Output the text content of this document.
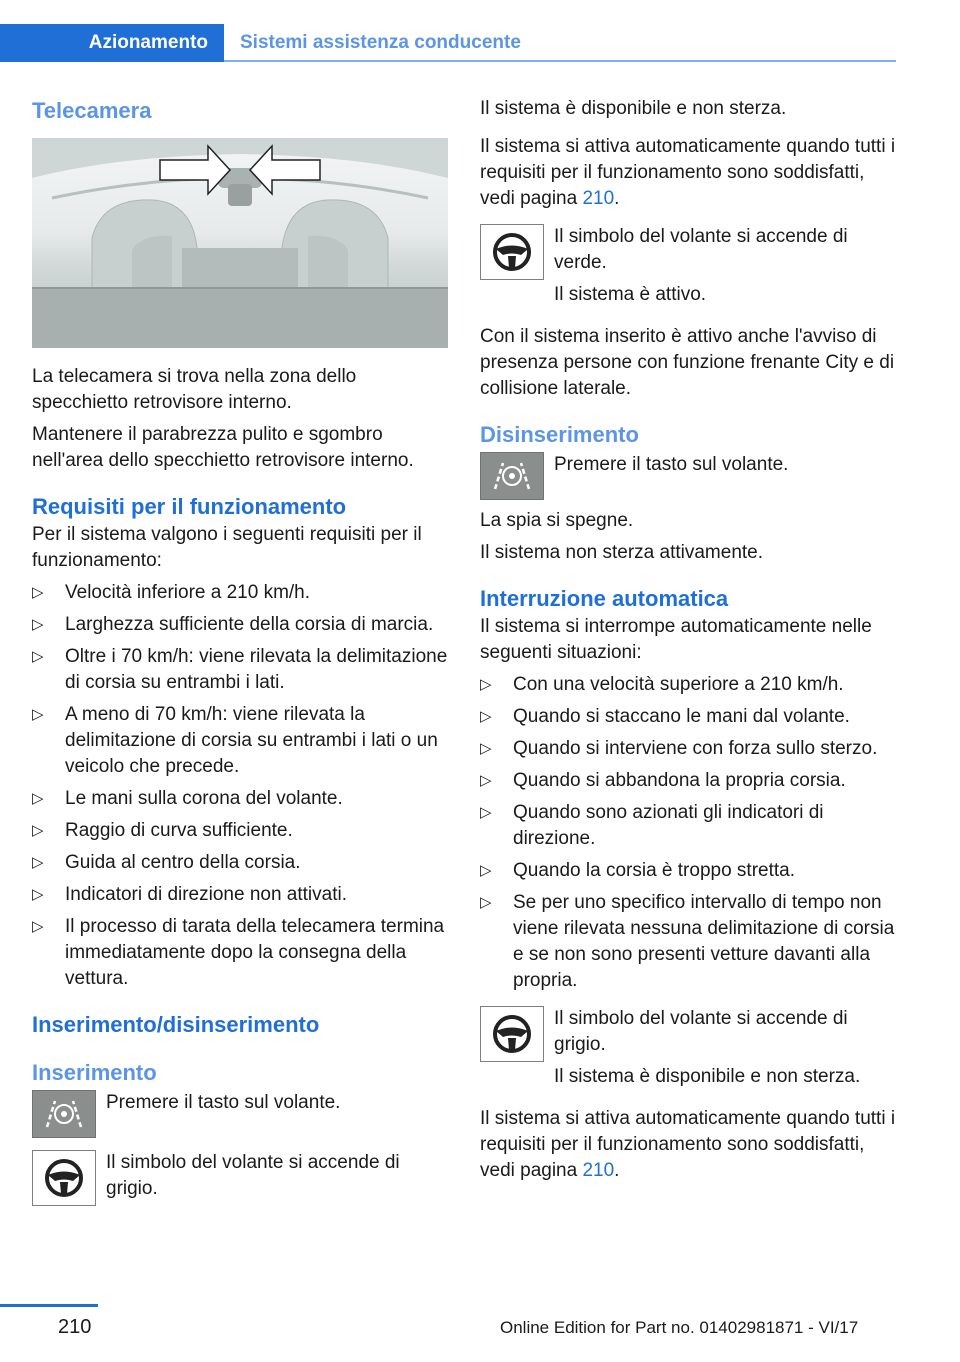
Azionamento	Sistemi assistenza conducente
Telecamera

La telecamera si trova nella zona dello specchietto retrovisore interno.

Mantenere il parabrezza pulito e sgombro nell'area dello specchietto retrovisore interno.

Requisiti per il funzionamento

Per il sistema valgono i seguenti requisiti per il funzionamento:

▷	Velocità inferiore a 210 km/h.
▷	Larghezza sufficiente della corsia di marcia.
▷	Oltre i 70 km/h: viene rilevata la delimitazione di corsia su entrambi i lati.
▷	A meno di 70 km/h: viene rilevata la delimitazione di corsia su entrambi i lati o un veicolo che precede.
▷	Le mani sulla corona del volante.
▷	Raggio di curva sufficiente.
▷	Guida al centro della corsia.
▷	Indicatori di direzione non attivati.
▷	Il processo di tarata della telecamera termina immediatamente dopo la consegna della vettura.
Inserimento/disinserimento
Inserimento
Premere il tasto sul volante.
Il simbolo del volante si accende di grigio.

Il sistema è disponibile e non sterza.

Il sistema si attiva automaticamente quando tutti i requisiti per il funzionamento sono soddisfatti, vedi pagina 210.

Il simbolo del volante si accende di verde.

Il sistema è attivo.

Con il sistema inserito è attivo anche l'avviso di presenza persone con funzione frenante City e di collisione laterale.

Disinserimento
Premere il tasto sul volante.

La spia si spegne.

Il sistema non sterza attivamente.

Interruzione automatica

Il sistema si interrompe automaticamente nelle seguenti situazioni:

▷	Con una velocità superiore a 210 km/h.
▷	Quando si staccano le mani dal volante.
▷	Quando si interviene con forza sullo sterzo.
▷	Quando si abbandona la propria corsia.
▷	Quando sono azionati gli indicatori di direzione.
▷	Quando la corsia è troppo stretta.
▷	Se per uno specifico intervallo di tempo non viene rilevata nessuna delimitazione di corsia e se non sono presenti vetture davanti alla propria.

Il simbolo del volante si accende di grigio.

Il sistema è disponibile e non sterza.

Il sistema si attiva automaticamente quando tutti i requisiti per il funzionamento sono soddisfatti, vedi pagina 210.

210	Online Edition for Part no. 01402981871 - VI/17
